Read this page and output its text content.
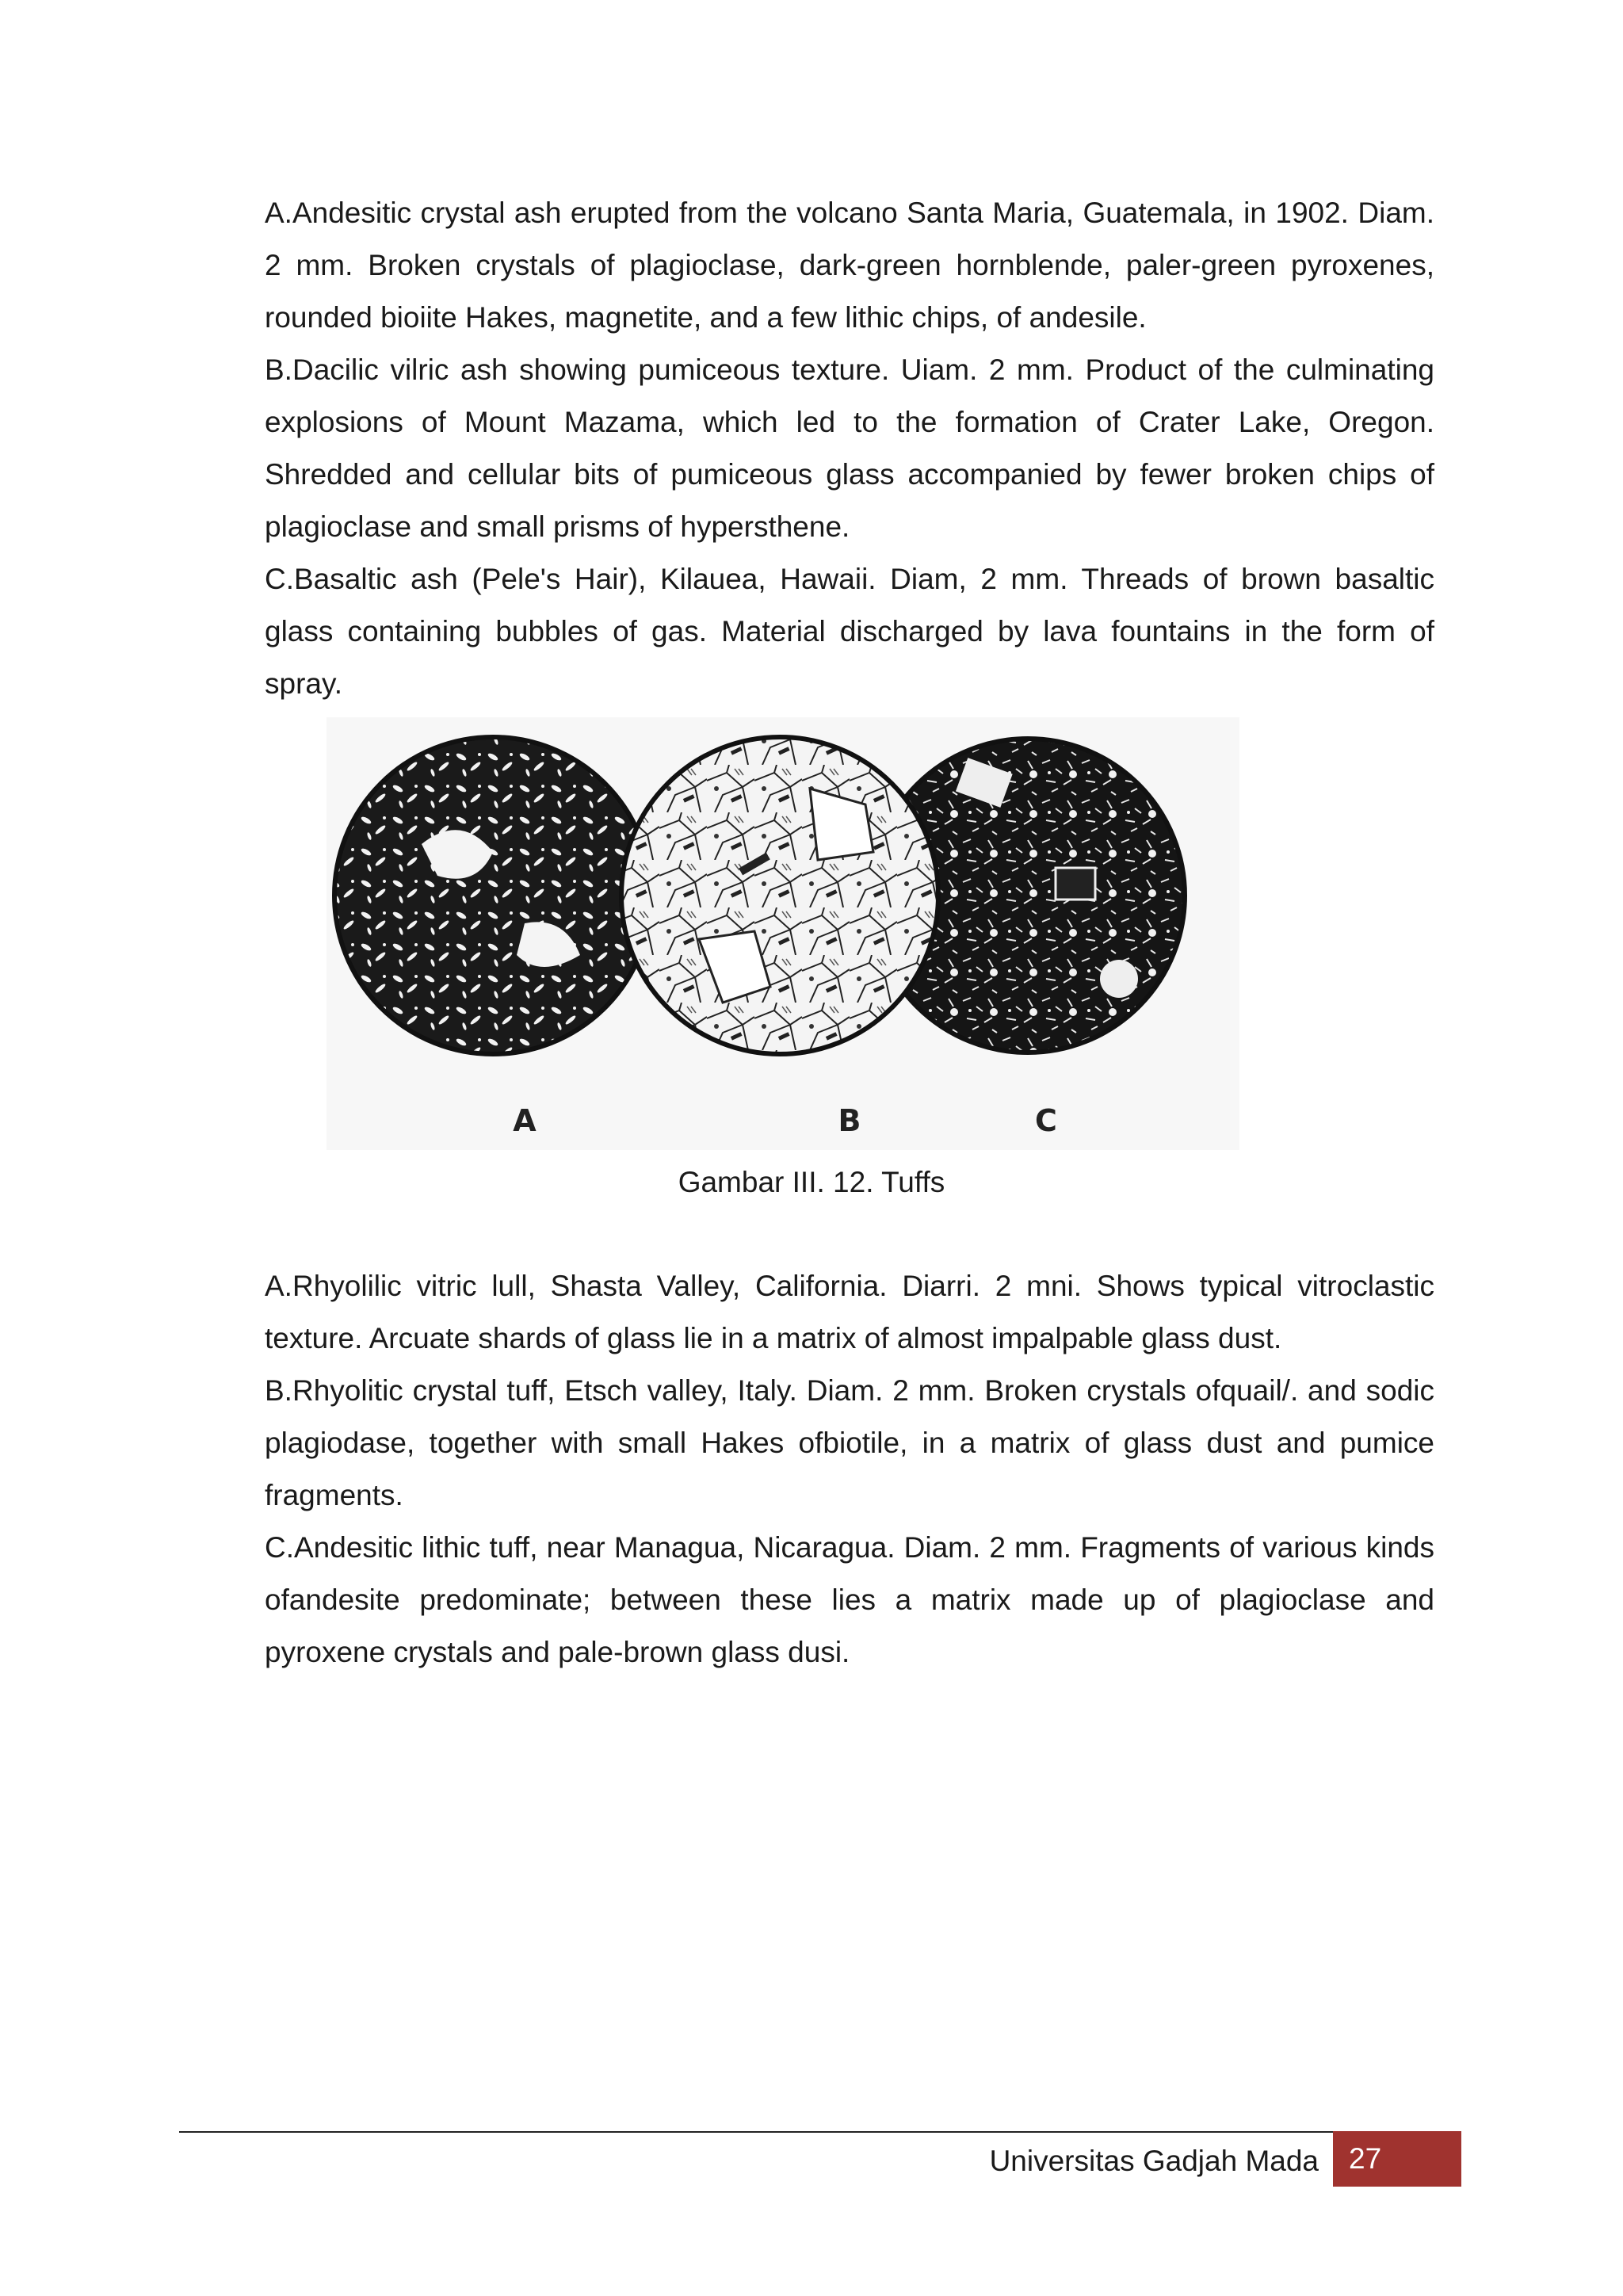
A.Andesitic crystal ash erupted from the volcano Santa Maria, Guatemala, in 1902. Diam. 2 mm. Broken crystals of plagioclase, dark-green hornblende, paler-green pyroxenes, rounded bioiite Hakes, magnetite, and a few lithic chips, of andesile.

B.Dacilic vilric ash showing pumiceous texture. Uiam. 2 mm. Product of the culminating explosions of Mount Mazama, which led to the formation of Crater Lake, Oregon. Shredded and cellular bits of pumiceous glass accompanied by fewer broken chips of plagioclase and small prisms of hypersthene.

C.Basaltic ash (Pele's Hair), Kilauea, Hawaii. Diam, 2 mm. Threads of brown basaltic glass containing bubbles of gas. Material discharged by lava fountains in the form of spray.

A	B	C
Gambar III. 12. Tuffs

A.Rhyolilic vitric lull, Shasta Valley, California. Diarri. 2 mni. Shows typical vitroclastic texture. Arcuate shards of glass lie in a matrix of almost impalpable glass dust.

B.Rhyolitic crystal tuff, Etsch valley, Italy. Diam. 2 mm. Broken crystals ofquail/. and sodic plagiodase, together with small Hakes ofbiotile, in a matrix of glass dust and pumice fragments.

C.Andesitic lithic tuff, near Managua, Nicaragua. Diam. 2 mm. Fragments of various kinds ofandesite predominate; between these lies a matrix made up of plagioclase and pyroxene crystals and pale-brown glass dusi.

Universitas Gadjah Mada	27
